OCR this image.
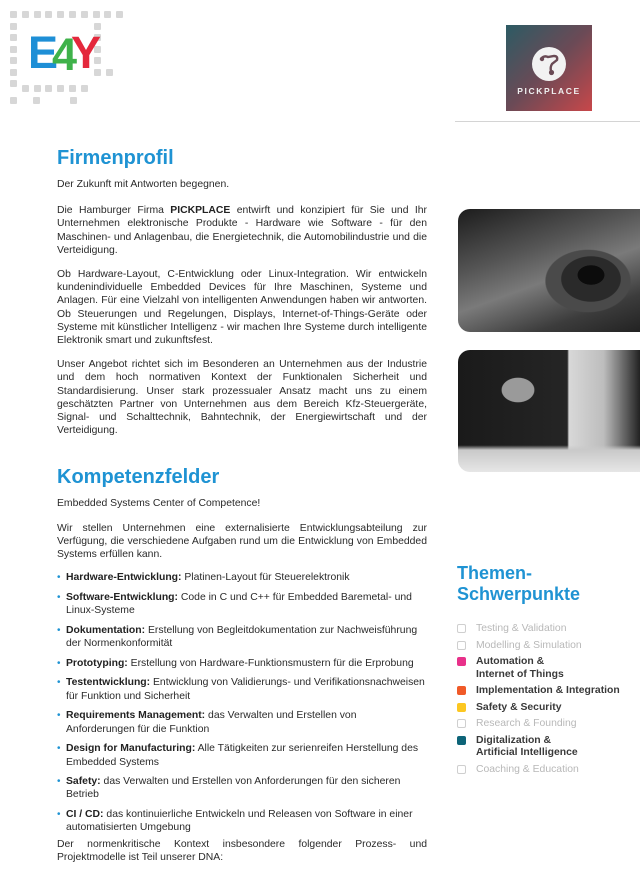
E4Y
PICKPLACE
Firmenprofil

Der Zukunft mit Antworten begegnen.

Die Hamburger Firma PICKPLACE entwirft und konzipiert für Sie und Ihr Unternehmen elektronische Produkte - Hardware wie Software - für den Maschinen- und Anlagenbau, die Energietechnik, die Automobilindustrie und die Verteidigung.

Ob Hardware-Layout, C-Entwicklung oder Linux-Integration. Wir entwickeln kundenindividuelle Embedded Devices für Ihre Maschinen, Systeme und Anlagen. Für eine Vielzahl von intelligenten Anwendungen haben wir antworten. Ob Steuerungen und Regelungen, Displays, Internet-of-Things-Geräte oder Systeme mit künstlicher Intelligenz - wir machen Ihre Systeme durch intelligente Elektronik smart und zukunftsfest.

Unser Angebot richtet sich im Besonderen an Unternehmen aus der Industrie und dem hoch normativen Kontext der Funktionalen Sicherheit und Standardisierung. Unser stark prozessualer Ansatz macht uns zu einem geschätzten Partner von Unternehmen aus dem Bereich Kfz-Steuergeräte, Signal- und Schalttechnik, Bahntechnik, der Energiewirtschaft und der Verteidigung.

Kompetenzfelder

Embedded Systems Center of Competence!

Wir stellen Unternehmen eine externalisierte Entwicklungsabteilung zur Verfügung, die verschiedene Aufgaben rund um die Entwicklung von Embedded Systems erfüllen kann.

• Hardware-Entwicklung: Platinen-Layout für Steuerelektronik
• Software-Entwicklung: Code in C und C++ für Embedded Baremetal- und Linux-Systeme
• Dokumentation: Erstellung von Begleitdokumentation zur Nachweisführung der Normenkonformität
• Prototyping: Erstellung von Hardware-Funktionsmustern für die Erprobung
• Testentwicklung: Entwicklung von Validierungs- und Verifikationsnachweisen für Funktion und Sicherheit
• Requirements Management: das Verwalten und Erstellen von Anforderungen für die Funktion
• Design for Manufacturing: Alle Tätigkeiten zur serienreifen Herstellung des Embedded Systems
• Safety: das Verwalten und Erstellen von Anforderungen für den sicheren Betrieb
• CI / CD: das kontinuierliche Entwickeln und Releasen von Software in einer automatisierten Umgebung

Der normenkritische Kontext insbesondere folgender Prozess- und Projektmodelle ist Teil unserer DNA:

Themen-
Schwerpunkte
Testing & Validation
Modelling & Simulation
Automation &
Internet of Things
Implementation & Integration
Safety & Security
Research & Founding
Digitalization &
Artificial Intelligence
Coaching & Education
